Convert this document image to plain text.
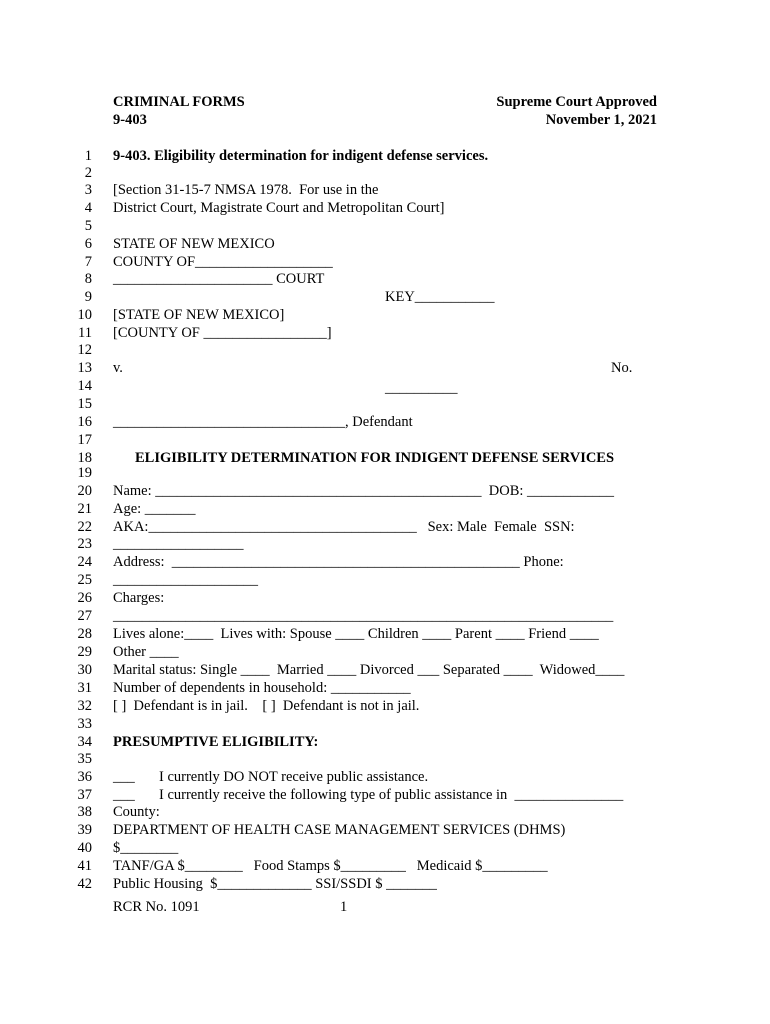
CRIMINAL FORMS
9-403
Supreme Court Approved
November 1, 2021
1
2
3
4
5
6
7
8
9
10
11
12
13
14
15
16
17
18
19
20
21
22
23
24
25
26
27
28
29
30
31
32
33
34
35
36
37
38
39
40
41
42
9-403. Eligibility determination for indigent defense services.
[Section 31-15-7 NMSA 1978.  For use in the
District Court, Magistrate Court and Metropolitan Court]
STATE OF NEW MEXICO
COUNTY OF___________________
______________________ COURT
KEY___________
[STATE OF NEW MEXICO]
[COUNTY OF _________________]
v.	No.
__________
________________________________, Defendant
ELIGIBILITY DETERMINATION FOR INDIGENT DEFENSE SERVICES
Name: _____________________________________________  DOB: ____________
Age: _______
AKA:_____________________________________   Sex: Male  Female  SSN:
__________________
Address:  ________________________________________________ Phone:
____________________
Charges:
_____________________________________________________________________
Lives alone:____  Lives with: Spouse ____ Children ____ Parent ____ Friend ____
Other ____
Marital status: Single ____  Married ____ Divorced ___ Separated ____  Widowed____
Number of dependents in household: ___________
[ ]  Defendant is in jail.    [ ]  Defendant is not in jail.
PRESUMPTIVE ELIGIBILITY:
___ I currently DO NOT receive public assistance.
___ I currently receive the following type of public assistance in  _______________
County:
DEPARTMENT OF HEALTH CASE MANAGEMENT SERVICES (DHMS)
$________
TANF/GA $________   Food Stamps $_________   Medicaid $_________
Public Housing  $_____________ SSI/SSDI $ _______
RCR No. 1091	1
